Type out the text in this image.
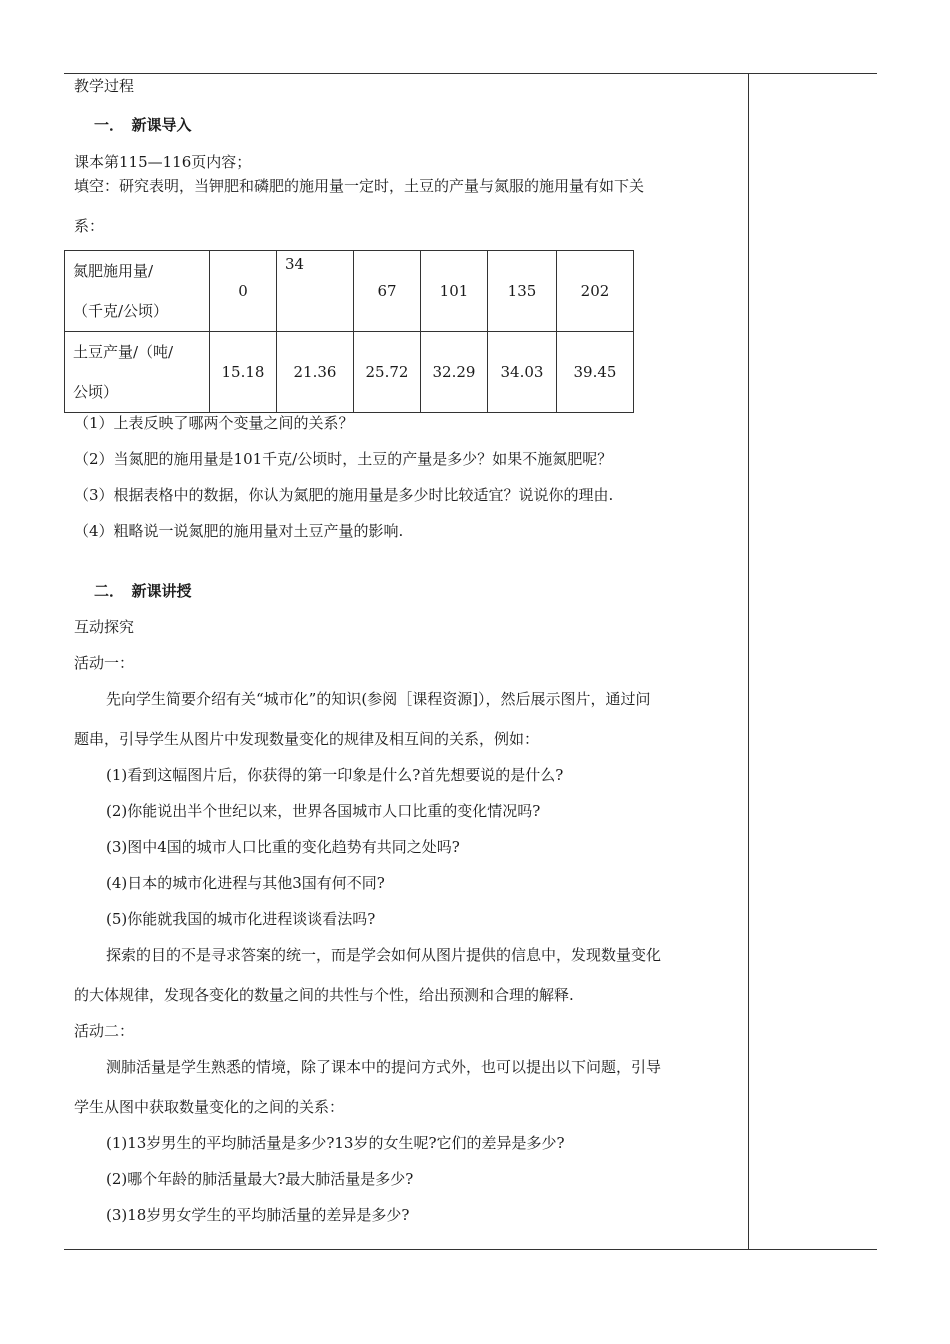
教学过程
一．　新课导入
课本第115—116页内容；
填空：研究表明，当钾肥和磷肥的施用量一定时，土豆的产量与氮服的施用量有如下关
系：
氮肥施用量/
（千克/公顷）	0	34	67	101	135	202

土豆产量/（吨/
公顷）	15.18	21.36	25.72	32.29	34.03	39.45
（1）上表反映了哪两个变量之间的关系？
（2）当氮肥的施用量是101千克/公顷时，土豆的产量是多少？如果不施氮肥呢？
（3）根据表格中的数据，你认为氮肥的施用量是多少时比较适宜？说说你的理由.
（4）粗略说一说氮肥的施用量对土豆产量的影响.
二．　新课讲授
互动探究
活动一：
先向学生简要介绍有关“城市化”的知识(参阅［课程资源]），然后展示图片，通过问
题串，引导学生从图片中发现数量变化的规律及相互间的关系，例如：
(1)看到这幅图片后，你获得的第一印象是什么?首先想要说的是什么?
(2)你能说出半个世纪以来，世界各国城市人口比重的变化情况吗?
(3)图中4国的城市人口比重的变化趋势有共同之处吗?
(4)日本的城市化进程与其他3国有何不同?
(5)你能就我国的城市化进程谈谈看法吗?
探索的目的不是寻求答案的统一，而是学会如何从图片提供的信息中，发现数量变化
的大体规律，发现各变化的数量之间的共性与个性，给出预测和合理的解释.
活动二：
测肺活量是学生熟悉的情境，除了课本中的提问方式外，也可以提出以下问题，引导
学生从图中获取数量变化的之间的关系：
(1)13岁男生的平均肺活量是多少?13岁的女生呢?它们的差异是多少?
(2)哪个年龄的肺活量最大?最大肺活量是多少?
(3)18岁男女学生的平均肺活量的差异是多少?
